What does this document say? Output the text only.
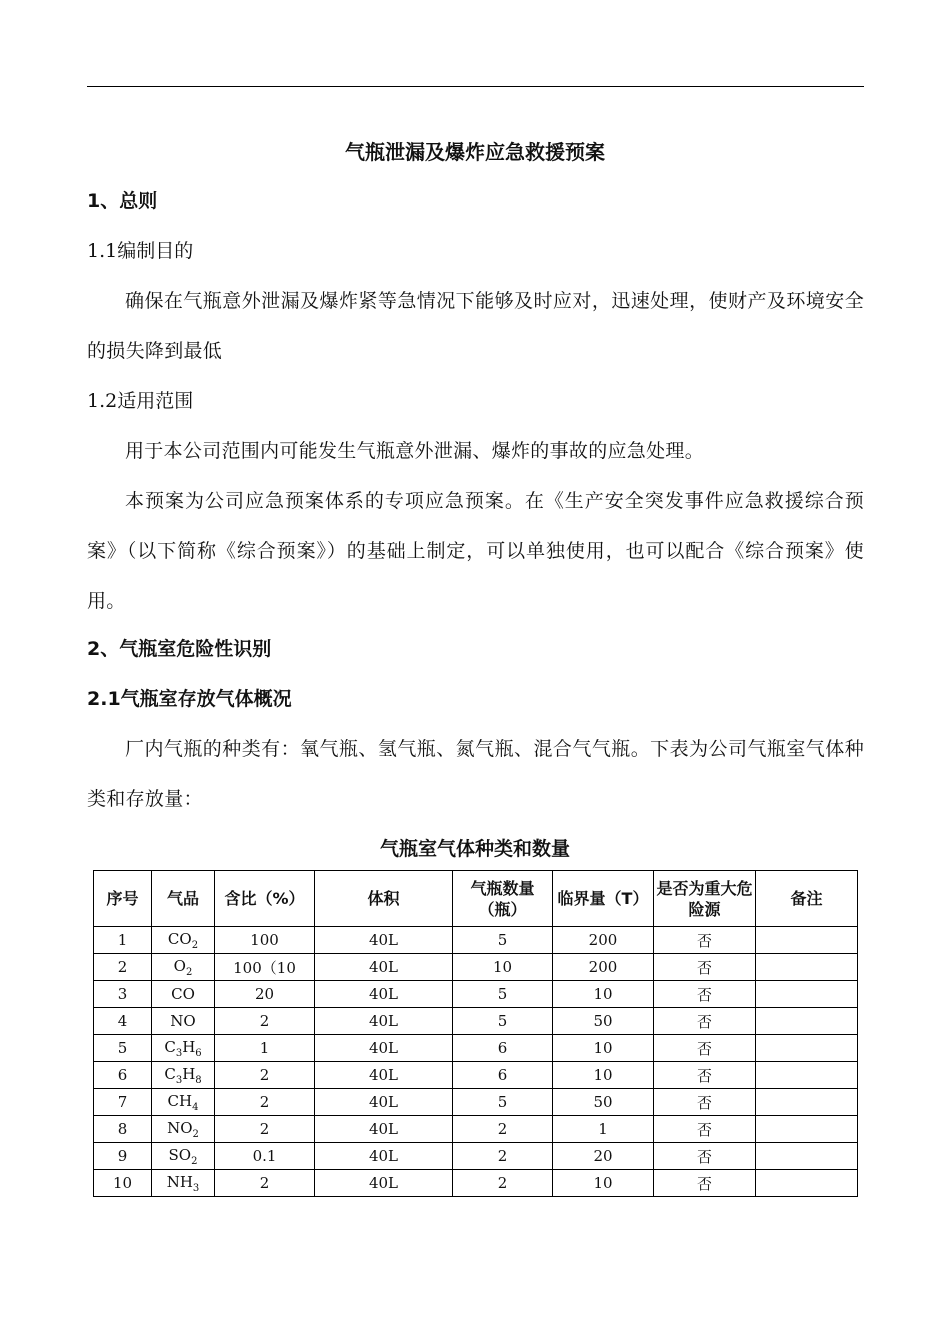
气瓶泄漏及爆炸应急救援预案
1、总则
1.1编制目的
确保在气瓶意外泄漏及爆炸紧等急情况下能够及时应对，迅速处理，使财产及环境安全的损失降到最低
1.2适用范围
用于本公司范围内可能发生气瓶意外泄漏、爆炸的事故的应急处理。
本预案为公司应急预案体系的专项应急预案。在《生产安全突发事件应急救援综合预案》（以下简称《综合预案》）的基础上制定，可以单独使用，也可以配合《综合预案》使用。
2、气瓶室危险性识别
2.1气瓶室存放气体概况
厂内气瓶的种类有：氧气瓶、氢气瓶、氮气瓶、混合气气瓶。下表为公司气瓶室气体种类和存放量：
气瓶室气体种类和数量
序号	气品	含比（%）	体积	气瓶数量（瓶）	临界量（T）	是否为重大危险源	备注
1	$CO_2$	100	40L	5	200	否	
2	$O_2$	100（10	40L	10	200	否	
3	CO	20	40L	5	10	否	
4	NO	2	40L	5	50	否	
5	$C_3H_6$	1	40L	6	10	否	
6	$C_3H_8$	2	40L	6	10	否	
7	$CH_4$	2	40L	5	50	否	
8	$NO_2$	2	40L	2	1	否	
9	$SO_2$	0.1	40L	2	20	否	
10	$NH_3$	2	40L	2	10	否	
